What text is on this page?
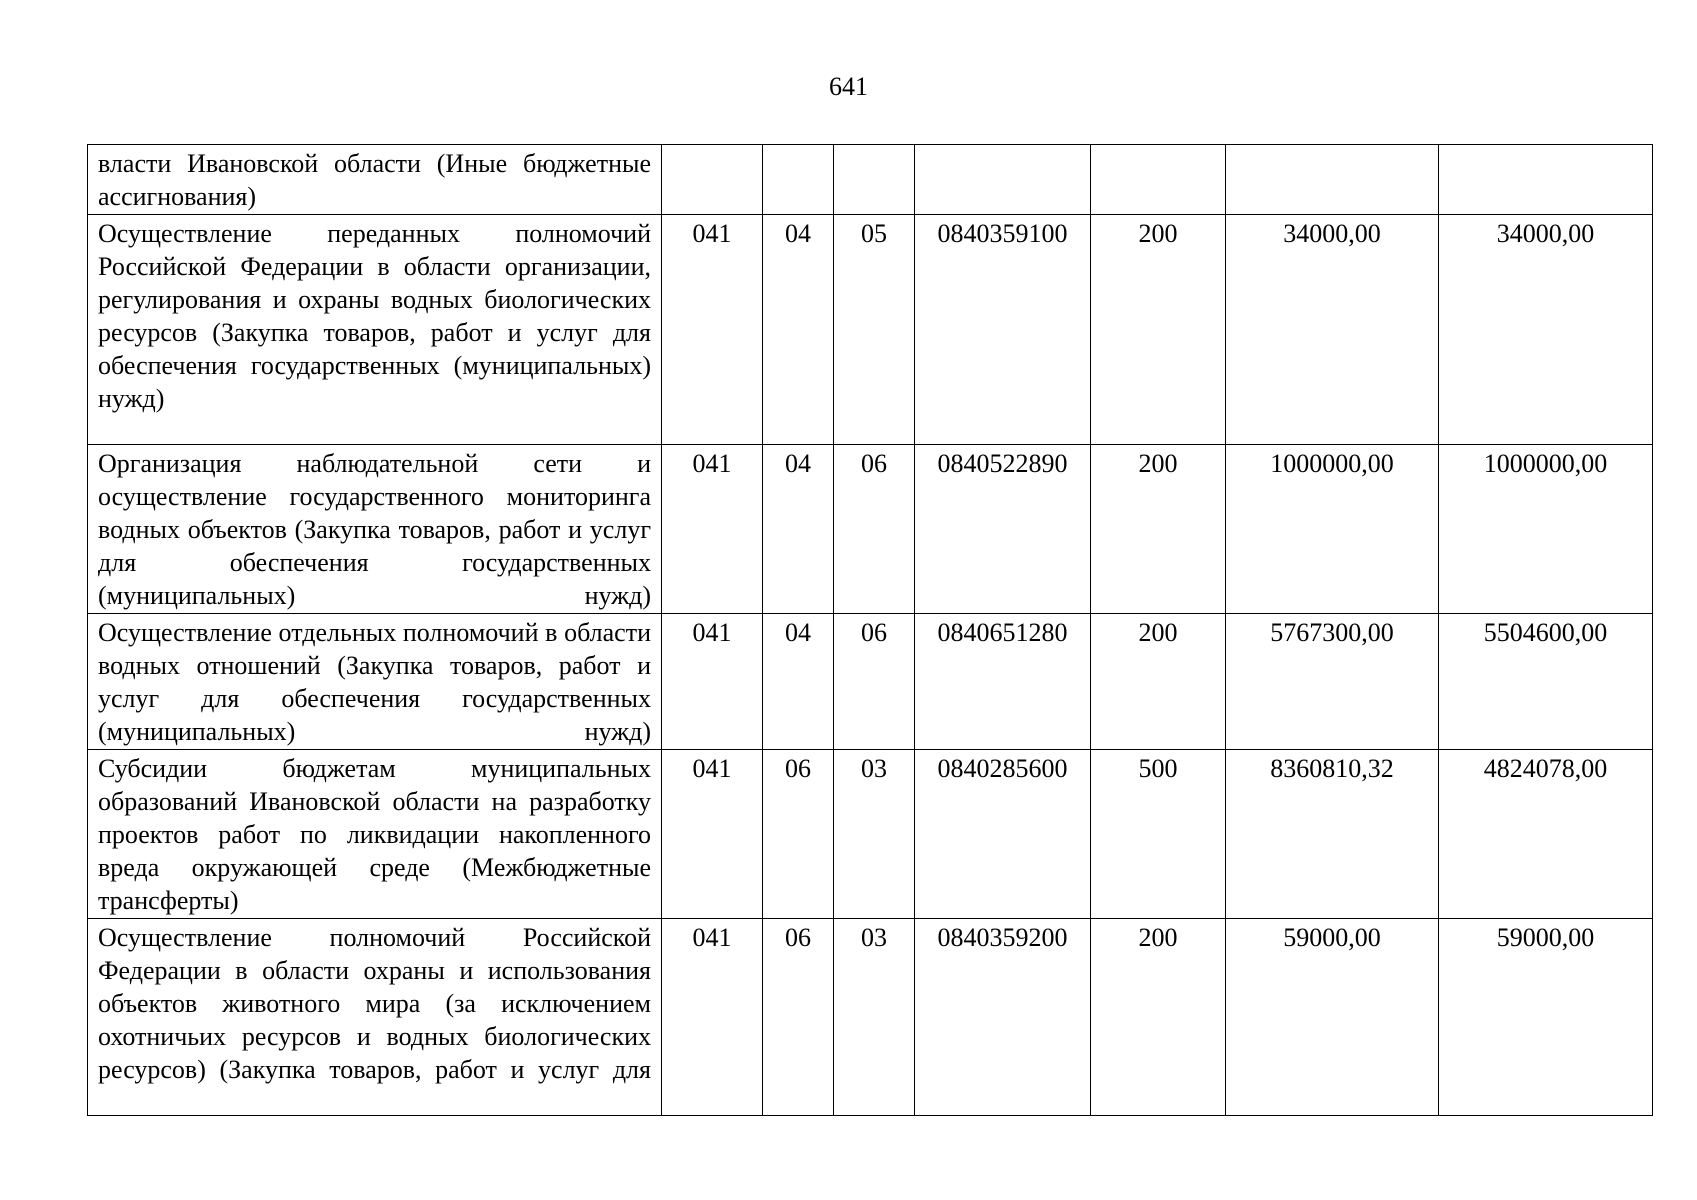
641
власти Ивановской области (Иные бюджетные ассигнования)							
Осуществление переданных полномочий Российской Федерации в области организации, регулирования и охраны водных биологических ресурсов (Закупка товаров, работ и услуг для обеспечения государственных (муниципальных) нужд)	041	04	05	0840359100	200	34000,00	34000,00
Организация наблюдательной сети и осуществление государственного мониторинга водных объектов (Закупка товаров, работ и услуг для обеспечения государственных (муниципальных) нужд)	041	04	06	0840522890	200	1000000,00	1000000,00
Осуществление отдельных полномочий в области водных отношений (Закупка товаров, работ и услуг для обеспечения государственных (муниципальных) нужд)	041	04	06	0840651280	200	5767300,00	5504600,00
Субсидии бюджетам муниципальных образований Ивановской области на разработку проектов работ по ликвидации накопленного вреда окружающей среде (Межбюджетные трансферты)	041	06	03	0840285600	500	8360810,32	4824078,00
Осуществление полномочий Российской Федерации в области охраны и использования объектов животного мира (за исключением охотничьих ресурсов и водных биологических ресурсов) (Закупка товаров, работ и услуг для	041	06	03	0840359200	200	59000,00	59000,00
